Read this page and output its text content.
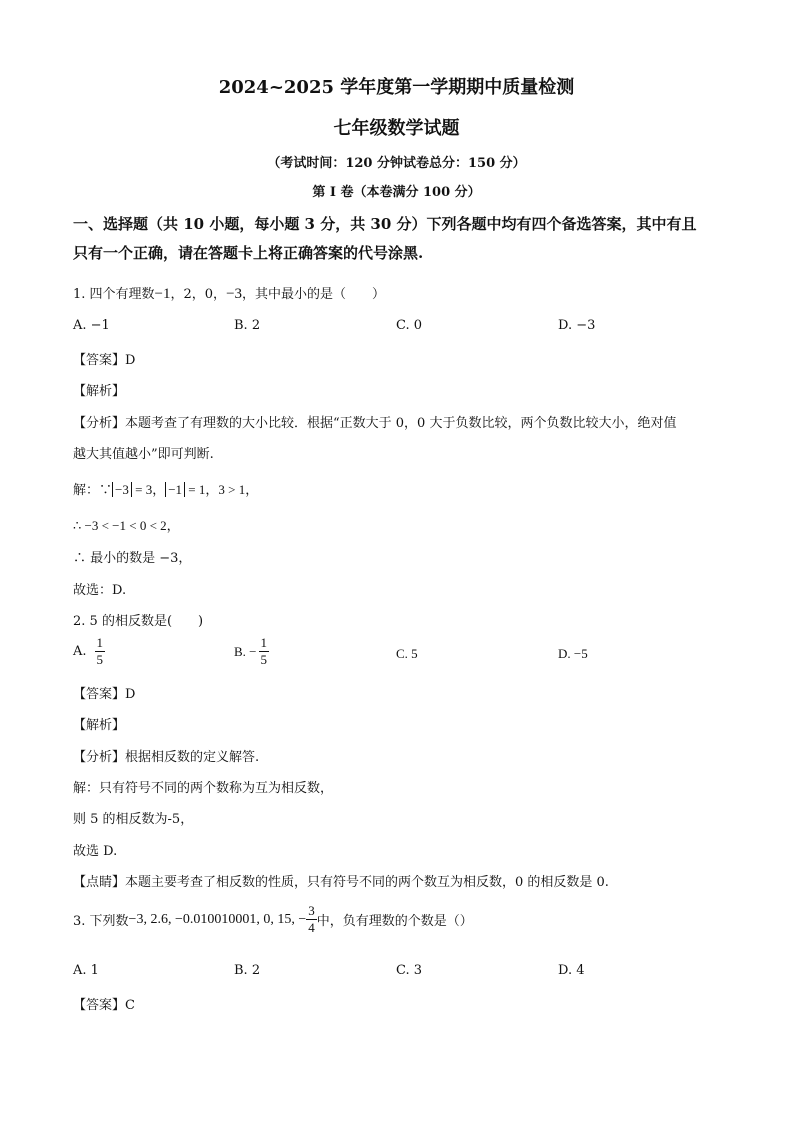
2024~2025 学年度第一学期期中质量检测
七年级数学试题
（考试时间：120 分钟试卷总分：150 分）
第 I 卷（本卷满分 100 分）
一、选择题（共 10 小题，每小题 3 分，共 30 分）下列各题中均有四个备选答案，其中有且
只有一个正确，请在答题卡上将正确答案的代号涂黑.
1. 四个有理数−1，2，0，−3，其中最小的是（　　）
A. −1	B. 2	C. 0	D. −3
【答案】D
【解析】
【分析】本题考查了有理数的大小比较．根据“正数大于 0，0 大于负数比较，两个负数比较大小，绝对值
越大其值越小”即可判断.
解：∵ −3 = 3， −1 = 1，3 > 1，
∴ −3 < −1 < 0 < 2，
∴ 最小的数是 −3，
故选：D.
2. 5 的相反数是(　　)
A. $\frac{1}{5}$	B. − $\frac{1}{5}$	C. 5	D. −5
【答案】D
【解析】
【分析】根据相反数的定义解答.
解：只有符号不同的两个数称为互为相反数，
则 5 的相反数为-5，
故选 D.
【点睛】本题主要考查了相反数的性质，只有符号不同的两个数互为相反数，0 的相反数是 0.
3. 下列数 −3, 2.6, −0.010010001, 0, 15, − $\frac{3}{4}$ 中，负有理数的个数是（）
A. 1	B. 2	C. 3	D. 4
【答案】C
